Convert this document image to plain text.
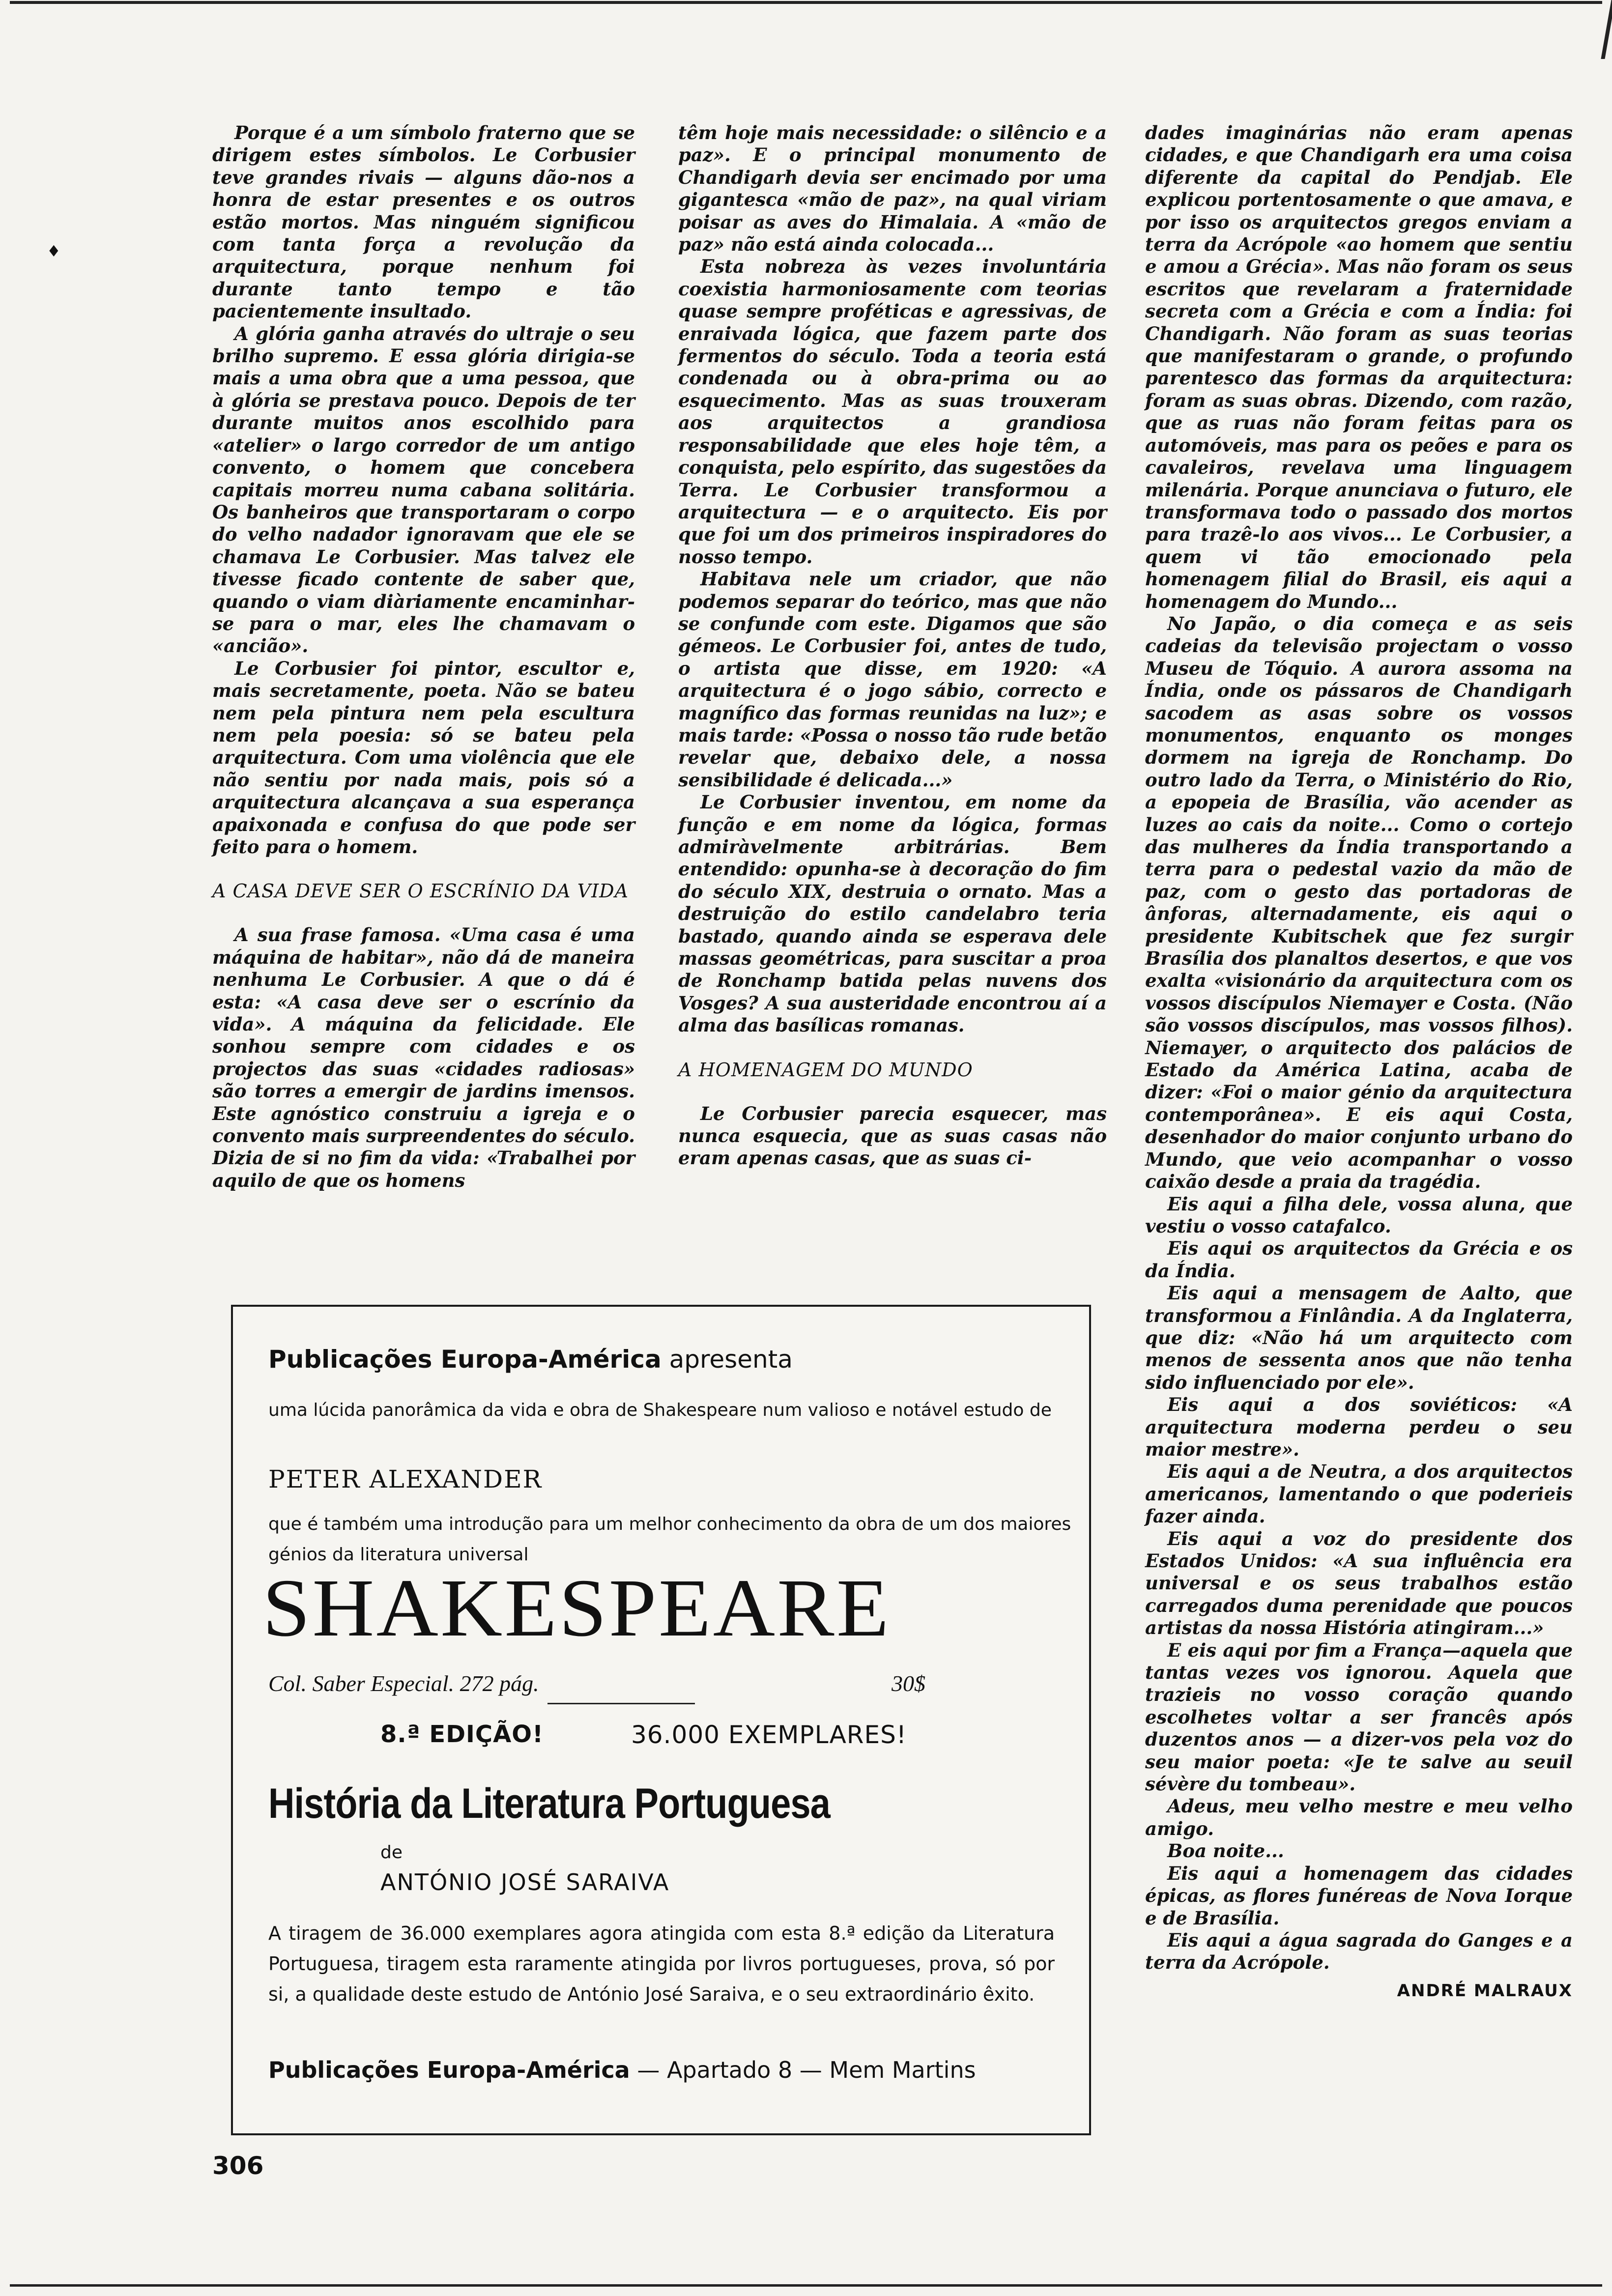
♦

Porque é a um símbolo fraterno que se dirigem estes símbolos. Le Corbusier teve grandes rivais — alguns dão-nos a honra de estar presentes e os outros estão mortos. Mas ninguém significou com tanta força a revolução da arquitectura, porque nenhum foi durante tanto tempo e tão pacientemente insultado.

A glória ganha através do ultraje o seu brilho supremo. E essa glória dirigia-se mais a uma obra que a uma pessoa, que à glória se prestava pouco. Depois de ter durante muitos anos escolhido para «atelier» o largo corredor de um antigo convento, o homem que concebera capitais morreu numa cabana solitária. Os banheiros que transportaram o corpo do velho nadador ignoravam que ele se chamava Le Corbusier. Mas talvez ele tivesse ficado contente de saber que, quando o viam diàriamente encaminhar-se para o mar, eles lhe chamavam o «ancião».

Le Corbusier foi pintor, escultor e, mais secretamente, poeta. Não se bateu nem pela pintura nem pela escultura nem pela poesia: só se bateu pela arquitectura. Com uma violência que ele não sentiu por nada mais, pois só a arquitectura alcançava a sua esperança apaixonada e confusa do que pode ser feito para o homem.

A CASA DEVE SER O ESCRÍNIO DA VIDA

A sua frase famosa. «Uma casa é uma máquina de habitar», não dá de maneira nenhuma Le Corbusier. A que o dá é esta: «A casa deve ser o escrínio da vida». A máquina da felicidade. Ele sonhou sempre com cidades e os projectos das suas «cidades radiosas» são torres a emergir de jardins imensos. Este agnóstico construiu a igreja e o convento mais surpreendentes do século. Dizia de si no fim da vida: «Trabalhei por aquilo de que os homens

têm hoje mais necessidade: o silêncio e a paz». E o principal monumento de Chandigarh devia ser encimado por uma gigantesca «mão de paz», na qual viriam poisar as aves do Himalaia. A «mão de paz» não está ainda colocada...

Esta nobreza às vezes involuntária coexistia harmoniosamente com teorias quase sempre proféticas e agressivas, de enraivada lógica, que fazem parte dos fermentos do século. Toda a teoria está condenada ou à obra-prima ou ao esquecimento. Mas as suas trouxeram aos arquitectos a grandiosa responsabilidade que eles hoje têm, a conquista, pelo espírito, das sugestões da Terra. Le Corbusier transformou a arquitectura — e o arquitecto. Eis por que foi um dos primeiros inspiradores do nosso tempo.

Habitava nele um criador, que não podemos separar do teórico, mas que não se confunde com este. Digamos que são gémeos. Le Corbusier foi, antes de tudo, o artista que disse, em 1920: «A arquitectura é o jogo sábio, correcto e magnífico das formas reunidas na luz»; e mais tarde: «Possa o nosso tão rude betão revelar que, debaixo dele, a nossa sensibilidade é delicada...»

Le Corbusier inventou, em nome da função e em nome da lógica, formas admiràvelmente arbitrárias. Bem entendido: opunha-se à decoração do fim do século XIX, destruia o ornato. Mas a destruição do estilo candelabro teria bastado, quando ainda se esperava dele massas geométricas, para suscitar a proa de Ronchamp batida pelas nuvens dos Vosges? A sua austeridade encontrou aí a alma das basílicas romanas.

A HOMENAGEM DO MUNDO

Le Corbusier parecia esquecer, mas nunca esquecia, que as suas casas não eram apenas casas, que as suas ci-

dades imaginárias não eram apenas cidades, e que Chandigarh era uma coisa diferente da capital do Pendjab. Ele explicou portentosamente o que amava, e por isso os arquitectos gregos enviam a terra da Acrópole «ao homem que sentiu e amou a Grécia». Mas não foram os seus escritos que revelaram a fraternidade secreta com a Grécia e com a Índia: foi Chandigarh. Não foram as suas teorias que manifestaram o grande, o profundo parentesco das formas da arquitectura: foram as suas obras. Dizendo, com razão, que as ruas não foram feitas para os automóveis, mas para os peões e para os cavaleiros, revelava uma linguagem milenária. Porque anunciava o futuro, ele transformava todo o passado dos mortos para trazê-lo aos vivos... Le Corbusier, a quem vi tão emocionado pela homenagem filial do Brasil, eis aqui a homenagem do Mundo...

No Japão, o dia começa e as seis cadeias da televisão projectam o vosso Museu de Tóquio. A aurora assoma na Índia, onde os pássaros de Chandigarh sacodem as asas sobre os vossos monumentos, enquanto os monges dormem na igreja de Ronchamp. Do outro lado da Terra, o Ministério do Rio, a epopeia de Brasília, vão acender as luzes ao cais da noite... Como o cortejo das mulheres da Índia transportando a terra para o pedestal vazio da mão de paz, com o gesto das portadoras de ânforas, alternadamente, eis aqui o presidente Kubitschek que fez surgir Brasília dos planaltos desertos, e que vos exalta «visionário da arquitectura com os vossos discípulos Niemayer e Costa. (Não são vossos discípulos, mas vossos filhos). Niemayer, o arquitecto dos palácios de Estado da América Latina, acaba de dizer: «Foi o maior génio da arquitectura contemporânea». E eis aqui Costa, desenhador do maior conjunto urbano do Mundo, que veio acompanhar o vosso caixão desde a praia da tragédia.

Eis aqui a filha dele, vossa aluna, que vestiu o vosso catafalco.

Eis aqui os arquitectos da Grécia e os da Índia.

Eis aqui a mensagem de Aalto, que transformou a Finlândia. A da Inglaterra, que diz: «Não há um arquitecto com menos de sessenta anos que não tenha sido influenciado por ele».

Eis aqui a dos soviéticos: «A arquitectura moderna perdeu o seu maior mestre».

Eis aqui a de Neutra, a dos arquitectos americanos, lamentando o que poderieis fazer ainda.

Eis aqui a voz do presidente dos Estados Unidos: «A sua influência era universal e os seus trabalhos estão carregados duma perenidade que poucos artistas da nossa História atingiram...»

E eis aqui por fim a França—aquela que tantas vezes vos ignorou. Aquela que trazieis no vosso coração quando escolhetes voltar a ser francês após duzentos anos — a dizer-vos pela voz do seu maior poeta: «Je te salve au seuil sévère du tombeau».

Adeus, meu velho mestre e meu velho amigo.

Boa noite...

Eis aqui a homenagem das cidades épicas, as flores funéreas de Nova Iorque e de Brasília.

Eis aqui a água sagrada do Ganges e a terra da Acrópole.

ANDRÉ MALRAUX
Publicações Europa-América apresenta
uma lúcida panorâmica da vida e obra de Shakespeare num valioso e notável estudo de
PETER ALEXANDER
que é também uma introdução para um melhor conhecimento da obra de um dos maiores génios da literatura universal
SHAKESPEARE
Col. Saber Especial. 272 pág.	30$
8.ª EDIÇÃO!	36.000 EXEMPLARES!
História da Literatura Portuguesa
de
ANTÓNIO JOSÉ SARAIVA
A tiragem de 36.000 exemplares agora atingida com esta 8.ª edição da Literatura Portuguesa, tiragem esta raramente atingida por livros portugueses, prova, só por si, a qualidade deste estudo de António José Saraiva, e o seu extraordinário êxito.
Publicações Europa-América — Apartado 8 — Mem Martins
306
